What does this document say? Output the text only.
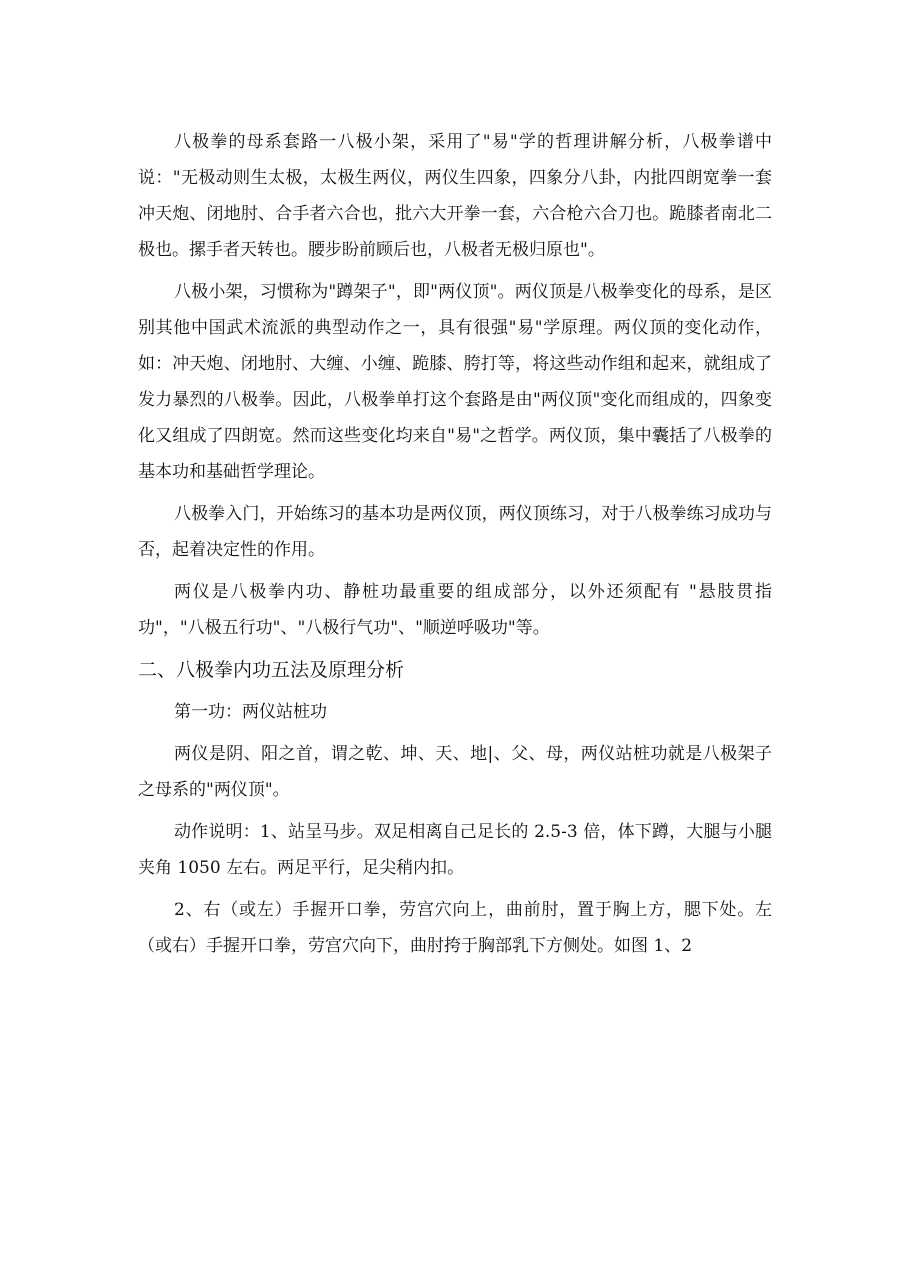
八极拳的母系套路一八极小架，采用了"易"学的哲理讲解分析，八极拳谱中说："无极动则生太极，太极生两仪，两仪生四象，四象分八卦，内批四朗宽拳一套冲天炮、闭地肘、合手者六合也，批六大开拳一套，六合枪六合刀也。跪膝者南北二极也。摞手者天转也。腰步盼前顾后也，八极者无极归原也"。

八极小架，习惯称为"蹲架子"，即"两仪顶"。两仪顶是八极拳变化的母系，是区别其他中国武术流派的典型动作之一，具有很强"易"学原理。两仪顶的变化动作，如：冲天炮、闭地肘、大缠、小缠、跪膝、胯打等，将这些动作组和起来，就组成了发力暴烈的八极拳。因此，八极拳单打这个套路是由"两仪顶"变化而组成的，四象变化又组成了四朗宽。然而这些变化均来自"易"之哲学。两仪顶，集中囊括了八极拳的基本功和基础哲学理论。

八极拳入门，开始练习的基本功是两仪顶，两仪顶练习，对于八极拳练习成功与否，起着决定性的作用。

两仪是八极拳内功、静桩功最重要的组成部分，以外还须配有 "悬肢贯指功"，"八极五行功"、"八极行气功"、"顺逆呼吸功"等。

二、八极拳内功五法及原理分析

第一功：两仪站桩功

两仪是阴、阳之首，谓之乾、坤、天、地|、父、母，两仪站桩功就是八极架子之母系的"两仪顶"。

动作说明：1、站呈马步。双足相离自己足长的 2.5-3 倍，体下蹲，大腿与小腿夹角 1050 左右。两足平行，足尖稍内扣。

2、右（或左）手握开口拳，劳宫穴向上，曲前肘，置于胸上方，腮下处。左（或右）手握开口拳，劳宫穴向下，曲肘挎于胸部乳下方侧处。如图 1、2
